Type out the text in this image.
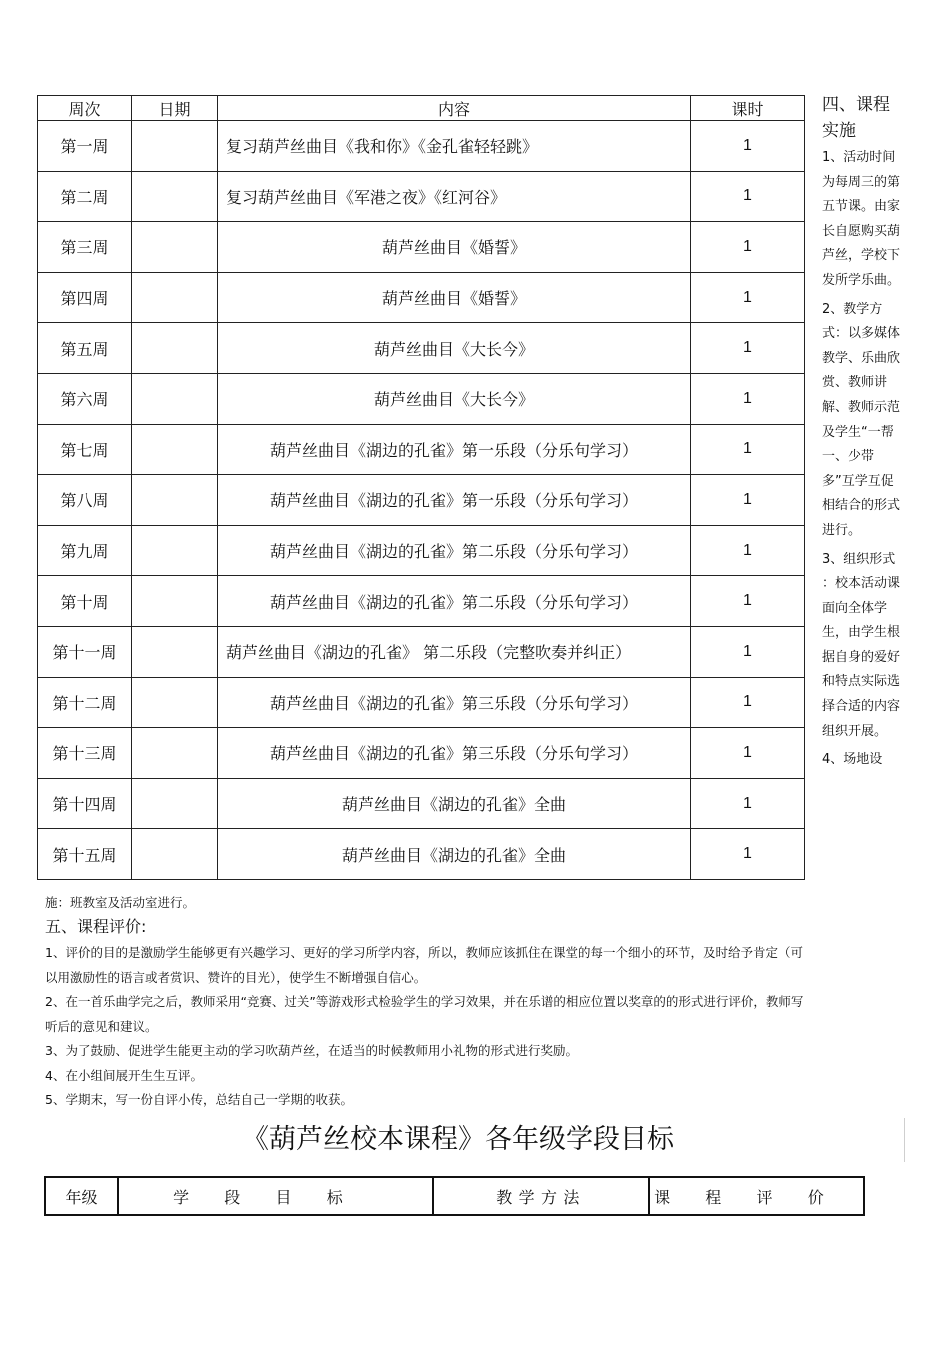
周次	日期	内容	课时
第一周		复习葫芦丝曲目《我和你》《金孔雀轻轻跳》	1
第二周		复习葫芦丝曲目《军港之夜》《红河谷》	1
第三周		葫芦丝曲目《婚誓》	1
第四周		葫芦丝曲目《婚誓》	1
第五周		葫芦丝曲目《大长今》	1
第六周		葫芦丝曲目《大长今》	1
第七周		葫芦丝曲目《湖边的孔雀》第一乐段（分乐句学习）	1
第八周		葫芦丝曲目《湖边的孔雀》第一乐段（分乐句学习）	1
第九周		葫芦丝曲目《湖边的孔雀》第二乐段（分乐句学习）	1
第十周		葫芦丝曲目《湖边的孔雀》第二乐段（分乐句学习）	1
第十一周		葫芦丝曲目《湖边的孔雀》 第二乐段（完整吹奏并纠正）	1
第十二周		葫芦丝曲目《湖边的孔雀》第三乐段（分乐句学习）	1
第十三周		葫芦丝曲目《湖边的孔雀》第三乐段（分乐句学习）	1
第十四周		葫芦丝曲目《湖边的孔雀》全曲	1
第十五周		葫芦丝曲目《湖边的孔雀》全曲	1
四、课程实施

1、活动时间为每周三的第五节课。由家长自愿购买葫芦丝，学校下发所学乐曲。

2、教学方式：以多媒体教学、乐曲欣赏、教师讲解、教师示范及学生“一帮一、少带多”互学互促相结合的形式进行。

3、组织形式 ：校本活动课面向全体学生，由学生根据自身的爱好和特点实际选择合适的内容组织开展。

4、场地设

施：班教室及活动室进行。
五、课程评价:

1、评价的目的是激励学生能够更有兴趣学习、更好的学习所学内容，所以，教师应该抓住在课堂的每一个细小的环节，及时给予肯定（可以用激励性的语言或者赏识、赞许的目光），使学生不断增强自信心。

2、在一首乐曲学完之后，教师采用“竞赛、过关”等游戏形式检验学生的学习效果，并在乐谱的相应位置以奖章的的形式进行评价，教师写听后的意见和建议。

3、为了鼓励、促进学生能更主动的学习吹葫芦丝，在适当的时候教师用小礼物的形式进行奖励。

4、在小组间展开生生互评。

5、学期末，写一份自评小传，总结自己一学期的收获。

《葫芦丝校本课程》各年级学段目标
年级	学段目标	教学方法	课程评价
